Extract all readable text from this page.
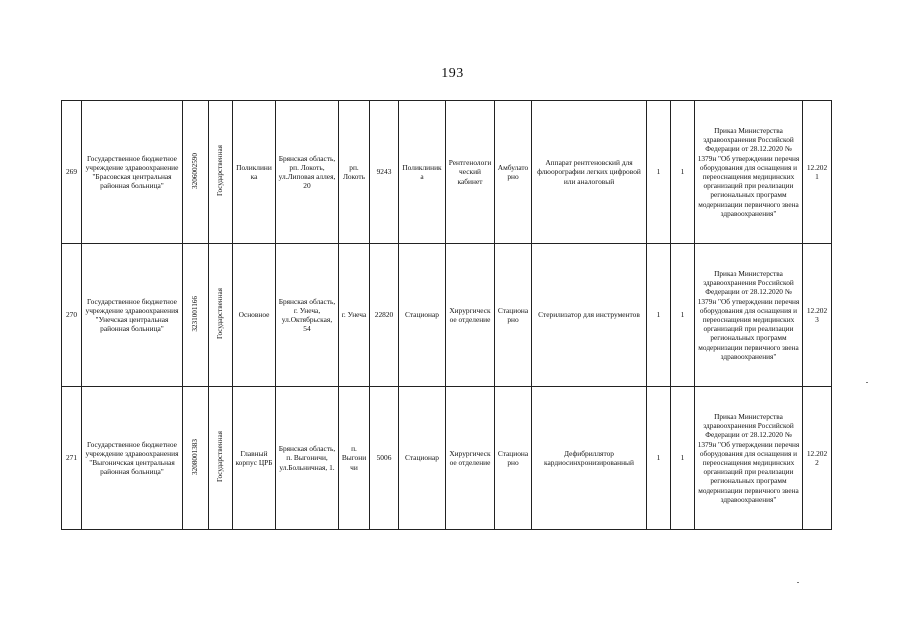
193
269	Государственное бюджетное учреждение здравоохранение "Брасовская центральная районная больница"	3206002590	Государственная	Поликлиника	Брянская область, рп. Локоть, ул.Липовая аллея, 20	рп. Локоть	9243	Поликлиника	Рентгенологический кабинет	Амбулаторно	Аппарат рентгеновский для флюорографии легких цифровой или аналоговый	1	1	Приказ Министерства здравоохранения Российской Федерации от 28.12.2020 № 1379н "Об утверждении перечня оборудования для оснащения и переоснащения медицинских организаций при реализации региональных программ модернизации первичного звена здравоохранения"	12.2021
270	Государственное бюджетное учреждение здравоохранения "Унечская центральная районная больница"	3231001166	Государственная	Основное	Брянская область, г. Унеча, ул.Октябрьская, 54	г. Унеча	22820	Стационар	Хирургическое отделение	Стационарно	Стерилизатор для инструментов	1	1	Приказ Министерства здравоохранения Российской Федерации от 28.12.2020 № 1379н "Об утверждении перечня оборудования для оснащения и переоснащения медицинских организаций при реализации региональных программ модернизации первичного звена здравоохранения"	12.2023
271	Государственное бюджетное учреждение здравоохранения "Выгоничская центральная районная больница"	3208001383	Государственная	Главный корпус ЦРБ	Брянская область, п. Выгоничи, ул.Больничная, 1.	п. Выгоничи	5006	Стационар	Хирургическое отделение	Стационарно	Дефибриллятор кардиосинхронизированный	1	1	Приказ Министерства здравоохранения Российской Федерации от 28.12.2020 № 1379н "Об утверждении перечня оборудования для оснащения и переоснащения медицинских организаций при реализации региональных программ модернизации первичного звена здравоохранения"	12.2022
